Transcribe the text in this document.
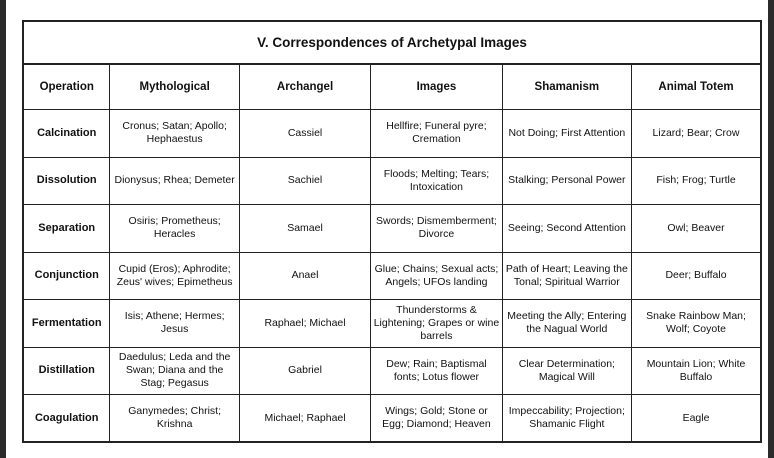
V. Correspondences of Archetypal Images					
Operation	Mythological	Archangel	Images	Shamanism	Animal Totem
Calcination	Cronus; Satan; Apollo; Hephaestus	Cassiel	Hellfire; Funeral pyre; Cremation	Not Doing; First Attention	Lizard; Bear; Crow
Dissolution	Dionysus; Rhea; Demeter	Sachiel	Floods; Melting; Tears; Intoxication	Stalking; Personal Power	Fish; Frog; Turtle
Separation	Osiris; Prometheus; Heracles	Samael	Swords; Dismemberment; Divorce	Seeing; Second Attention	Owl; Beaver
Conjunction	Cupid (Eros); Aphrodite; Zeus' wives; Epimetheus	Anael	Glue; Chains; Sexual acts; Angels; UFOs landing	Path of Heart; Leaving the Tonal; Spiritual Warrior	Deer; Buffalo
Fermentation	Isis; Athene; Hermes; Jesus	Raphael; Michael	Thunderstorms & Lightening; Grapes or wine barrels	Meeting the Ally; Entering the Nagual World	Snake Rainbow Man; Wolf; Coyote
Distillation	Daedulus; Leda and the Swan; Diana and the Stag; Pegasus	Gabriel	Dew; Rain; Baptismal fonts; Lotus flower	Clear Determination; Magical Will	Mountain Lion; White Buffalo
Coagulation	Ganymedes; Christ; Krishna	Michael; Raphael	Wings; Gold; Stone or Egg; Diamond; Heaven	Impeccability; Projection; Shamanic Flight	Eagle
